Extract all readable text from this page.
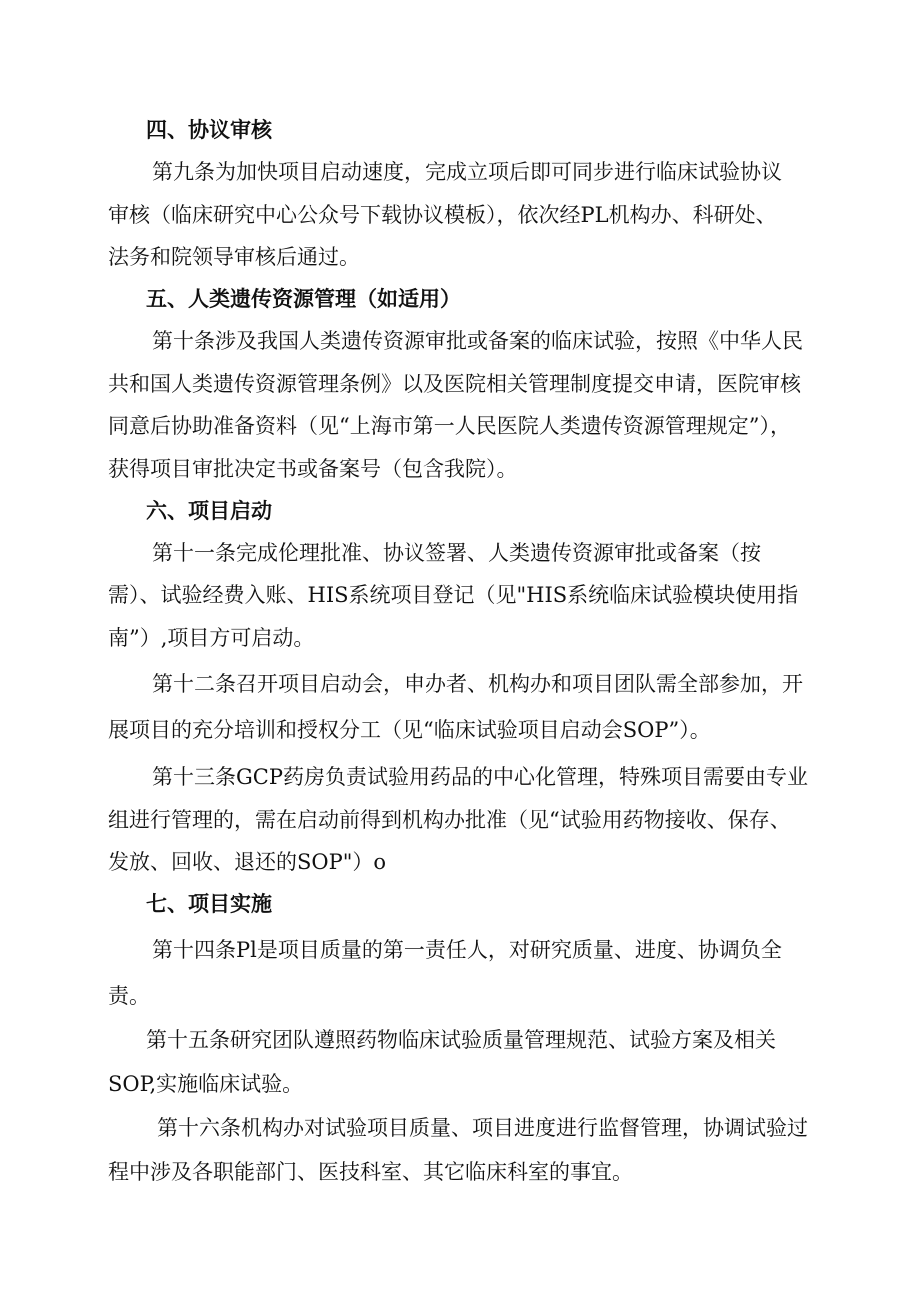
四、协议审核

第九条为加快项目启动速度，完成立项后即可同步进行临床试验协议

审核（临床研究中心公众号下载协议模板），依次经PL机构办、科研处、

法务和院领导审核后通过。

五、人类遗传资源管理（如适用）

第十条涉及我国人类遗传资源审批或备案的临床试验，按照《中华人民

共和国人类遗传资源管理条例》以及医院相关管理制度提交申请，医院审核

同意后协助准备资料（见“上海市第一人民医院人类遗传资源管理规定”），

获得项目审批决定书或备案号（包含我院）。

六、项目启动

第十一条完成伦理批准、协议签署、人类遗传资源审批或备案（按

需）、试验经费入账、HIS系统项目登记（见"HIS系统临床试验模块使用指

南”）,项目方可启动。

第十二条召开项目启动会，申办者、机构办和项目团队需全部参加，开

展项目的充分培训和授权分工（见“临床试验项目启动会SOP”）。

第十三条GCP药房负责试验用药品的中心化管理，特殊项目需要由专业

组进行管理的，需在启动前得到机构办批准（见“试验用药物接收、保存、

发放、回收、退还的SOP"）o

七、项目实施

第十四条Pl是项目质量的第一责任人，对研究质量、进度、协调负全

责。

第十五条研究团队遵照药物临床试验质量管理规范、试验方案及相关

SOP,实施临床试验。

第十六条机构办对试验项目质量、项目进度进行监督管理，协调试验过

程中涉及各职能部门、医技科室、其它临床科室的事宜。
